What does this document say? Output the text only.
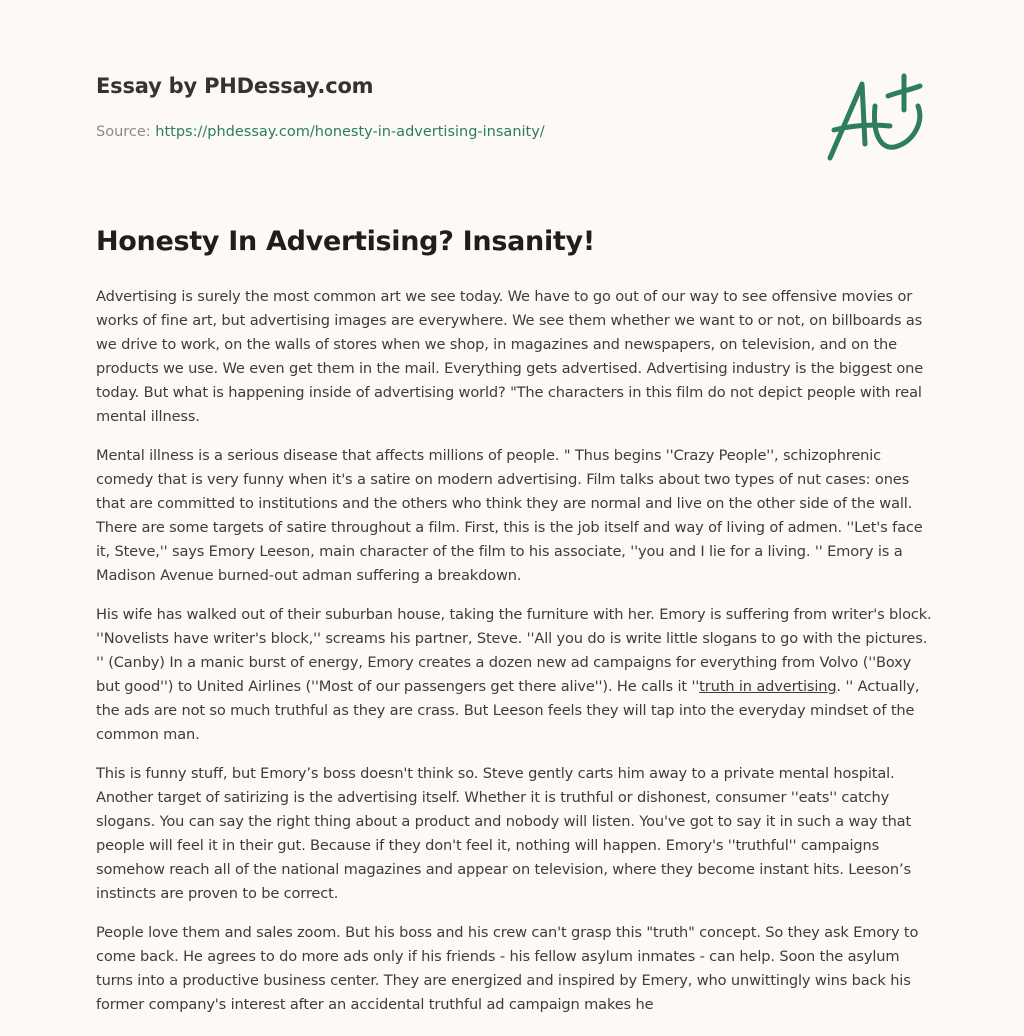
Essay by PHDessay.com
Source: https://phdessay.com/honesty-in-advertising-insanity/
Honesty In Advertising? Insanity!

Advertising is surely the most common art we see today. We have to go out of our way to see offensive movies or works of fine art, but advertising images are everywhere. We see them whether we want to or not, on billboards as we drive to work, on the walls of stores when we shop, in magazines and newspapers, on television, and on the products we use. We even get them in the mail. Everything gets advertised. Advertising industry is the biggest one today. But what is happening inside of advertising world? "The characters in this film do not depict people with real mental illness.

Mental illness is a serious disease that affects millions of people. " Thus begins ''Crazy People'', schizophrenic comedy that is very funny when it's a satire on modern advertising. Film talks about two types of nut cases: ones that are committed to institutions and the others who think they are normal and live on the other side of the wall. There are some targets of satire throughout a film. First, this is the job itself and way of living of admen. ''Let's face it, Steve,'' says Emory Leeson, main character of the film to his associate, ''you and I lie for a living. '' Emory is a Madison Avenue burned-out adman suffering a breakdown.

His wife has walked out of their suburban house, taking the furniture with her. Emory is suffering from writer's block. ''Novelists have writer's block,'' screams his partner, Steve. ''All you do is write little slogans to go with the pictures. '' (Canby) In a manic burst of energy, Emory creates a dozen new ad campaigns for everything from Volvo (''Boxy but good'') to United Airlines (''Most of our passengers get there alive''). He calls it ''truth in advertising. '' Actually, the ads are not so much truthful as they are crass. But Leeson feels they will tap into the everyday mindset of the common man.

This is funny stuff, but Emory’s boss doesn't think so. Steve gently carts him away to a private mental hospital. Another target of satirizing is the advertising itself. Whether it is truthful or dishonest, consumer ''eats'' catchy slogans. You can say the right thing about a product and nobody will listen. You've got to say it in such a way that people will feel it in their gut. Because if they don't feel it, nothing will happen. Emory's ''truthful'' campaigns somehow reach all of the national magazines and appear on television, where they become instant hits. Leeson’s instincts are proven to be correct.

People love them and sales zoom. But his boss and his crew can't grasp this "truth" concept. So they ask Emory to come back. He agrees to do more ads only if his friends - his fellow asylum inmates - can help. Soon the asylum turns into a productive business center. They are energized and inspired by Emery, who unwittingly wins back his former company's interest after an accidental truthful ad campaign makes he
